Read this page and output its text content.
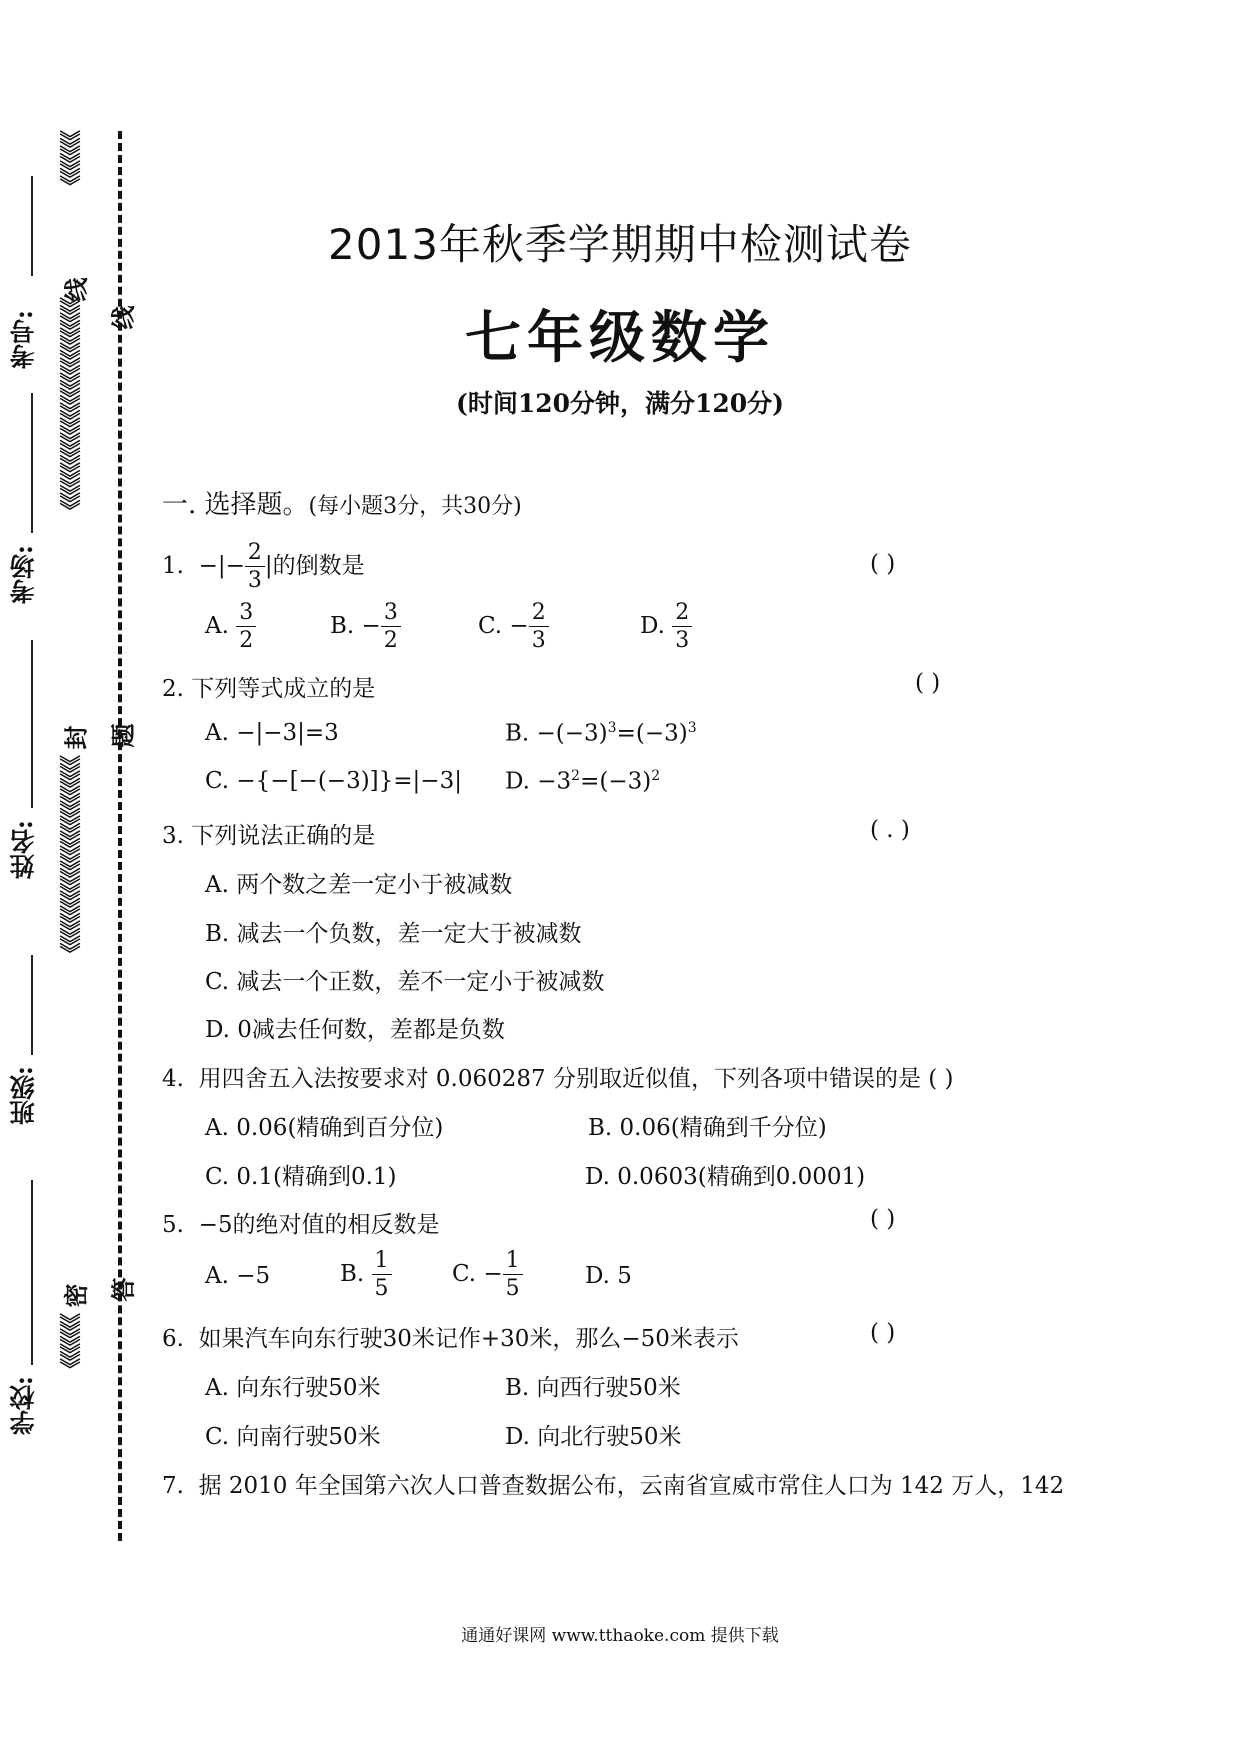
考号:
考场:
姓名:
班级:
学校:
《《《《《《《
《《《《《《《《《《《《《《《《《《《《《《《《《《《《
《《《《《《《《《《《《《《《《《《《《《《《《《《
《《《《《《《
线
封
密
线
题
答
2013年秋季学期期中检测试卷
七年级数学
(时间120分钟，满分120分)
一. 选择题。(每小题3分，共30分)
1. −|− $\frac{2}{3}$ |的倒数是	( )
A. $\frac{3}{2}$	B. − $\frac{3}{2}$	C. − $\frac{2}{3}$	D. $\frac{2}{3}$
2. 下列等式成立的是	( )
A. −|−3|=3	B. $-(-3)^3=(-3)^3$
C. −{−[−(−3)]}=|−3| D. $-3^2=(-3)^2$
3. 下列说法正确的是	( . )
A. 两个数之差一定小于被减数
B. 减去一个负数，差一定大于被减数
C. 减去一个正数，差不一定小于被减数
D. 0减去任何数，差都是负数
4. 用四舍五入法按要求对 0.060287 分别取近似值，下列各项中错误的是 ( )
A. 0.06(精确到百分位)	B. 0.06(精确到千分位)
C. 0.1(精确到0.1)	D. 0.0603(精确到0.0001)
5. −5的绝对值的相反数是	( )
A. −5	B. $\frac{1}{5}$	C. − $\frac{1}{5}$	D. 5
6. 如果汽车向东行驶30米记作+30米，那么−50米表示	( )
A. 向东行驶50米	B. 向西行驶50米
C. 向南行驶50米	D. 向北行驶50米
7. 据 2010 年全国第六次人口普查数据公布，云南省宣威市常住人口为 142 万人，142
通通好课网 www.tthaoke.com 提供下载
